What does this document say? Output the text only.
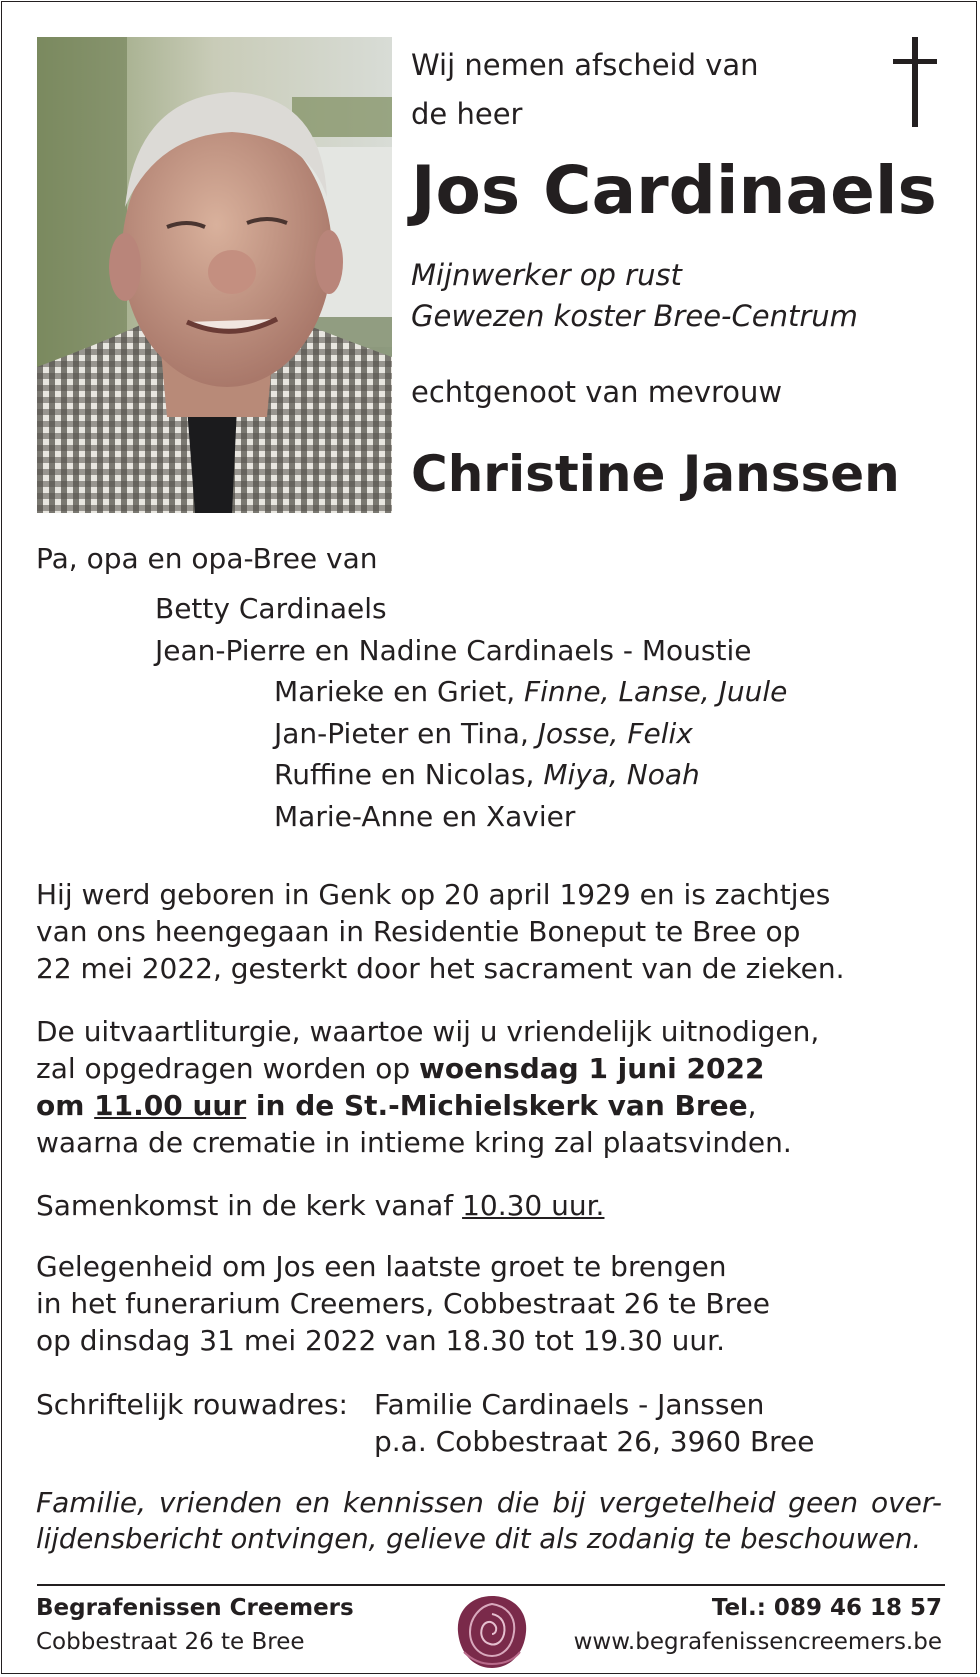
Wij nemen afscheid van
de heer
Jos Cardinaels
Mijnwerker op rust
Gewezen koster Bree-Centrum
echtgenoot van mevrouw
Christine Janssen
Pa, opa en opa-Bree van
Betty Cardinaels
Jean-Pierre en Nadine Cardinaels - Moustie
Marieke en Griet, Finne, Lanse, Juule
Jan-Pieter en Tina, Josse, Felix
Ruffine en Nicolas, Miya, Noah
Marie-Anne en Xavier
Hij werd geboren in Genk op 20 april 1929 en is zachtjes
van ons heengegaan in Residentie Boneput te Bree op
22 mei 2022, gesterkt door het sacrament van de zieken.
De uitvaartliturgie, waartoe wij u vriendelijk uitnodigen,
zal opgedragen worden op woensdag 1 juni 2022
om 11.00 uur in de St.-Michielskerk van Bree,
waarna de crematie in intieme kring zal plaatsvinden.
Samenkomst in de kerk vanaf 10.30 uur.
Gelegenheid om Jos een laatste groet te brengen
in het funerarium Creemers, Cobbestraat 26 te Bree
op dinsdag 31 mei 2022 van 18.30 tot 19.30 uur.
Schriftelijk rouwadres: Familie Cardinaels - Janssen
p.a. Cobbestraat 26, 3960 Bree
Familie, vrienden en kennissen die bij vergetelheid geen over-
lijdensbericht ontvingen, gelieve dit als zodanig te beschouwen.
Begrafenissen Creemers
Cobbestraat 26 te Bree
Tel.: 089 46 18 57
www.begrafenissencreemers.be
